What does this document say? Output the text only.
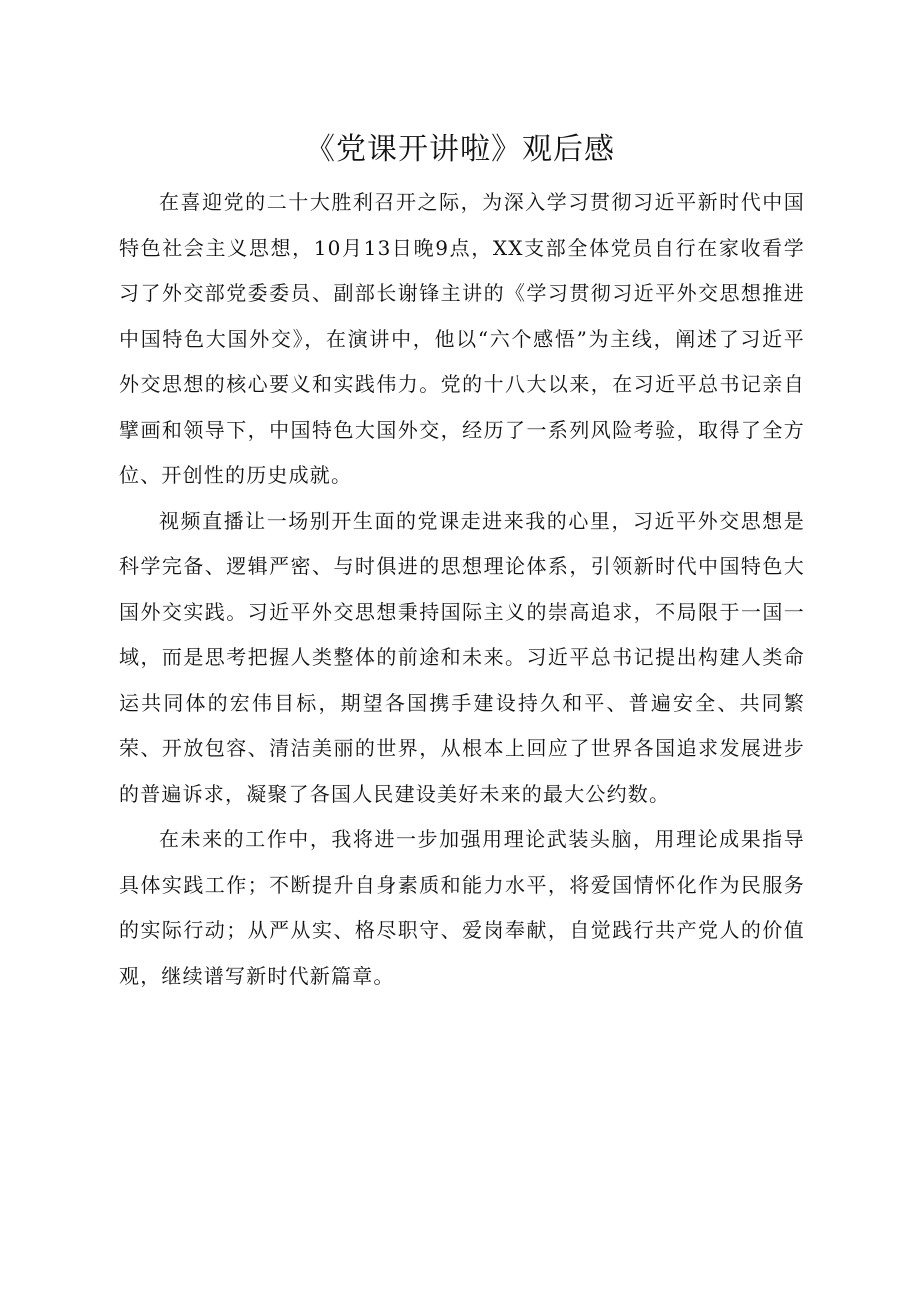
《党课开讲啦》观后感

在喜迎党的二十大胜利召开之际，为深入学习贯彻习近平新时代中国特色社会主义思想，10月13日晚9点，XX支部全体党员自行在家收看学习了外交部党委委员、副部长谢锋主讲的《学习贯彻习近平外交思想推进中国特色大国外交》，在演讲中，他以“六个感悟”为主线，阐述了习近平外交思想的核心要义和实践伟力。党的十八大以来，在习近平总书记亲自擘画和领导下，中国特色大国外交，经历了一系列风险考验，取得了全方位、开创性的历史成就。

视频直播让一场别开生面的党课走进来我的心里，习近平外交思想是科学完备、逻辑严密、与时俱进的思想理论体系，引领新时代中国特色大国外交实践。习近平外交思想秉持国际主义的崇高追求，不局限于一国一域，而是思考把握人类整体的前途和未来。习近平总书记提出构建人类命运共同体的宏伟目标，期望各国携手建设持久和平、普遍安全、共同繁荣、开放包容、清洁美丽的世界，从根本上回应了世界各国追求发展进步的普遍诉求，凝聚了各国人民建设美好未来的最大公约数。

在未来的工作中，我将进一步加强用理论武装头脑，用理论成果指导具体实践工作；不断提升自身素质和能力水平，将爱国情怀化作为民服务的实际行动；从严从实、格尽职守、爱岗奉献，自觉践行共产党人的价值观，继续谱写新时代新篇章。
